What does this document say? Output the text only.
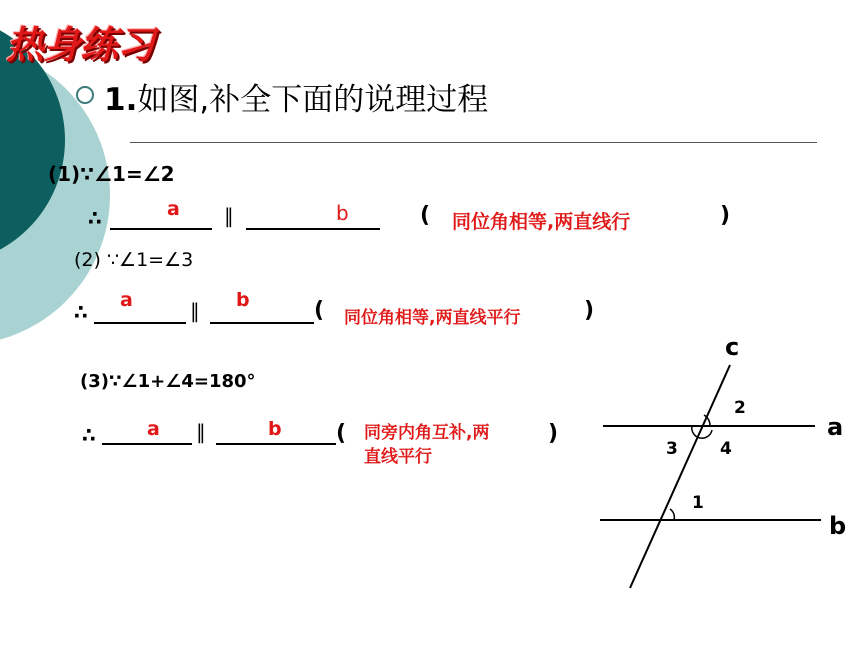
热身练习
1.如图,补全下面的说理过程
(1)∵∠1=∠2
∴	a ∥	b	( 同位角相等,两直线行	)
(2) ∵∠1=∠3
∴ a	∥ b	( 同位角相等,两直线平行	)
(3)∵∠1+∠4=180°
∴	a ∥	b ( 同旁内角互补,两
直线平行
)
c
a
b
2
3 4
1
